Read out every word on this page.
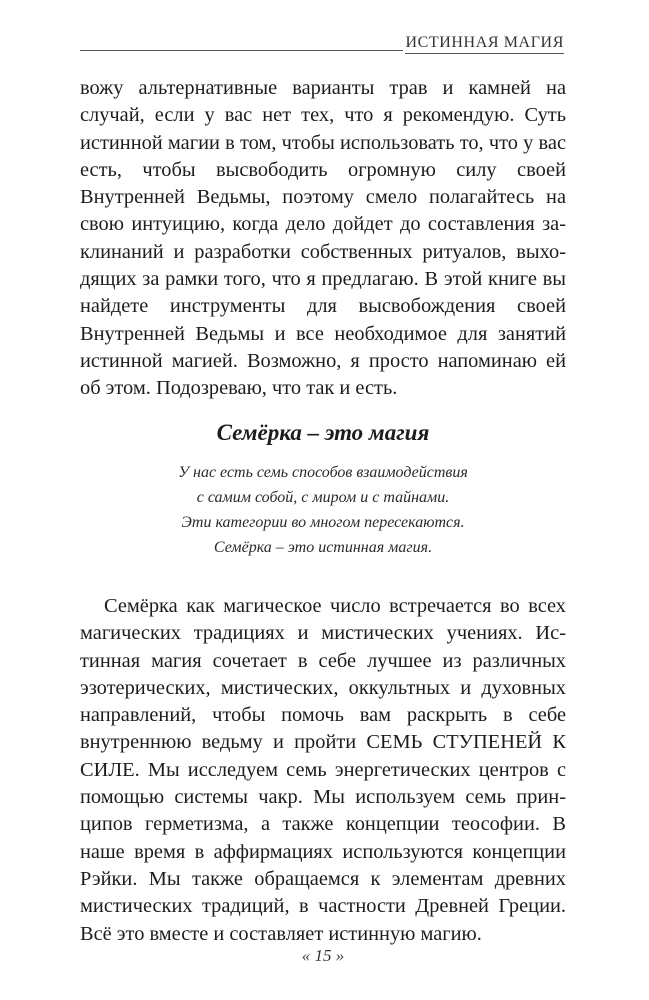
ИСТИННАЯ МАГИЯ

вожу альтернативные варианты трав и камней на случай, если у вас нет тех, что я рекомендую. Суть истинной магии в том, чтобы использовать то, что у вас есть, чтобы высвободить огромную силу своей Внутренней Ведьмы, поэтому смело полагайтесь на свою интуицию, когда дело дойдет до составления заклинаний и разработки собственных ритуалов, выходящих за рамки того, что я предлагаю. В этой книге вы найдете инструменты для высвобождения своей Внутренней Ведьмы и все необходимое для занятий истинной магией. Возможно, я просто напоминаю ей об этом. Подозреваю, что так и есть.

Семёрка – это магия
У нас есть семь способов взаимодействия
с самим собой, с миром и с тайнами.
Эти категории во многом пересекаются.
Семёрка – это истинная магия.

Семёрка как магическое число встречается во всех магических традициях и мистических учениях. Истинная магия сочетает в себе лучшее из различных эзотерических, мистических, оккультных и духовных направлений, чтобы помочь вам раскрыть в себе внутреннюю ведьму и пройти СЕМЬ СТУПЕНЕЙ К СИЛЕ. Мы исследуем семь энергетических центров с помощью системы чакр. Мы используем семь принципов герметизма, а также концепции теософии. В наше время в аффирмациях используются концепции Рэйки. Мы также обращаемся к элементам древних мистических традиций, в частности Древней Греции. Всё это вместе и составляет истинную магию.

« 15 »
